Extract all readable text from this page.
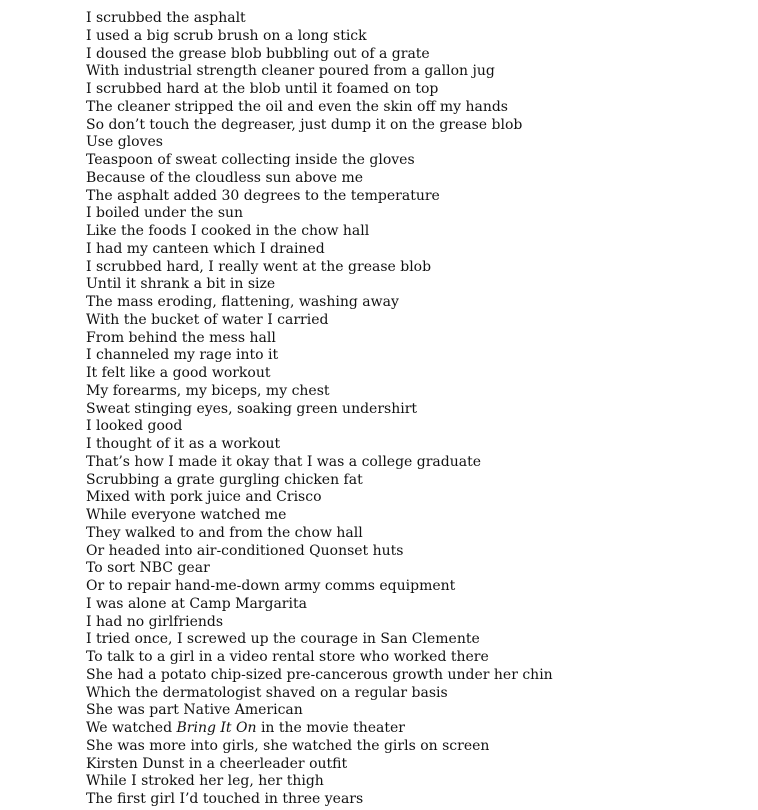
I scrubbed the asphalt
I used a big scrub brush on a long stick
I doused the grease blob bubbling out of a grate
With industrial strength cleaner poured from a gallon jug
I scrubbed hard at the blob until it foamed on top
The cleaner stripped the oil and even the skin off my hands
So don’t touch the degreaser, just dump it on the grease blob
Use gloves
Teaspoon of sweat collecting inside the gloves
Because of the cloudless sun above me
The asphalt added 30 degrees to the temperature
I boiled under the sun
Like the foods I cooked in the chow hall
I had my canteen which I drained
I scrubbed hard, I really went at the grease blob
Until it shrank a bit in size
The mass eroding, flattening, washing away
With the bucket of water I carried
From behind the mess hall
I channeled my rage into it
It felt like a good workout
My forearms, my biceps, my chest
Sweat stinging eyes, soaking green undershirt
I looked good
I thought of it as a workout
That’s how I made it okay that I was a college graduate
Scrubbing a grate gurgling chicken fat
Mixed with pork juice and Crisco
While everyone watched me
They walked to and from the chow hall
Or headed into air-conditioned Quonset huts
To sort NBC gear
Or to repair hand-me-down army comms equipment
I was alone at Camp Margarita
I had no girlfriends
I tried once, I screwed up the courage in San Clemente
To talk to a girl in a video rental store who worked there
She had a potato chip-sized pre-cancerous growth under her chin
Which the dermatologist shaved on a regular basis
She was part Native American
We watched Bring It On in the movie theater
She was more into girls, she watched the girls on screen
Kirsten Dunst in a cheerleader outfit
While I stroked her leg, her thigh
The first girl I’d touched in three years
